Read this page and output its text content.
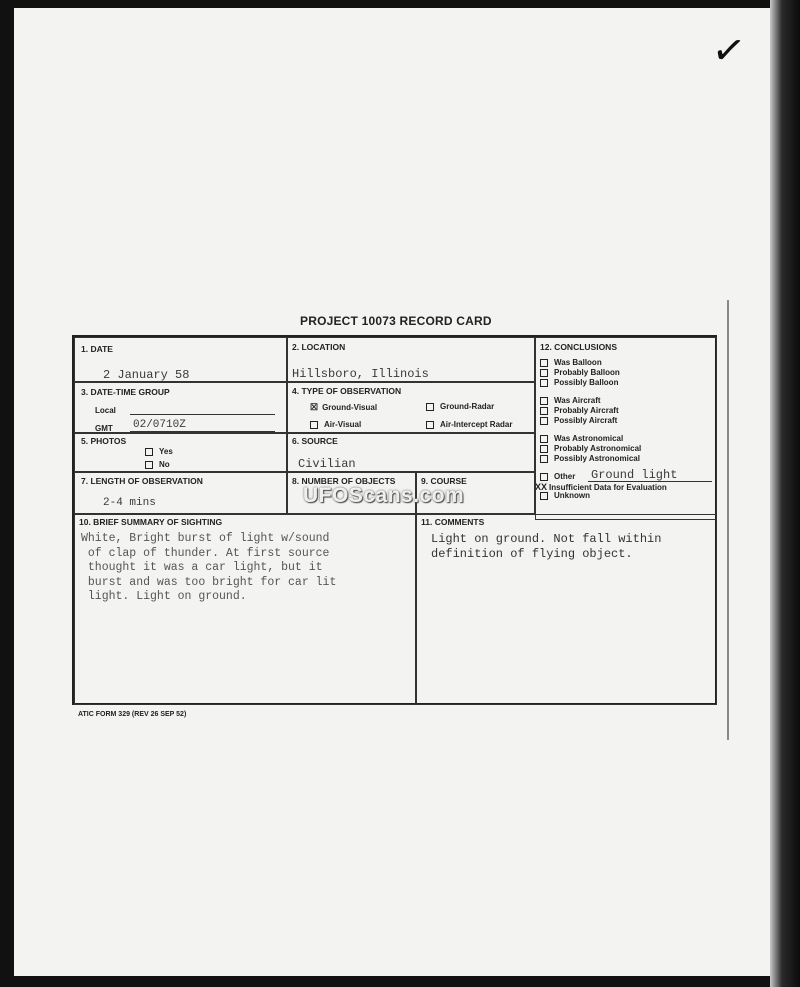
✓
PROJECT 10073 RECORD CARD
1. DATE
2 January 58
2. LOCATION
Hillsboro, Illinois
12. CONCLUSIONS
3. DATE-TIME GROUP
Local
GMT 02/0710Z
4. TYPE OF OBSERVATION
☒ Ground-Visual	Ground-Radar
Air-Visual	Air-Intercept Radar
5. PHOTOS
Yes
No
6. SOURCE
Civilian
7. LENGTH OF OBSERVATION
2-4 mins
8. NUMBER OF OBJECTS	9. COURSE
10. BRIEF SUMMARY OF SIGHTING
White, Bright burst of light w/sound
of clap of thunder. At first source
thought it was a car light, but it
burst and was too bright for car lit
light. Light on ground.
11. COMMENTS
Light on ground. Not fall within
definition of flying object.
Was Balloon
Probably Balloon
Possibly Balloon
Was Aircraft
Probably Aircraft
Possibly Aircraft
Was Astronomical
Probably Astronomical
Possibly Astronomical
Other Ground light
XX Insufficient Data for Evaluation
Unknown
UFOScans.com
ATIC FORM 329 (REV 26 SEP 52)
